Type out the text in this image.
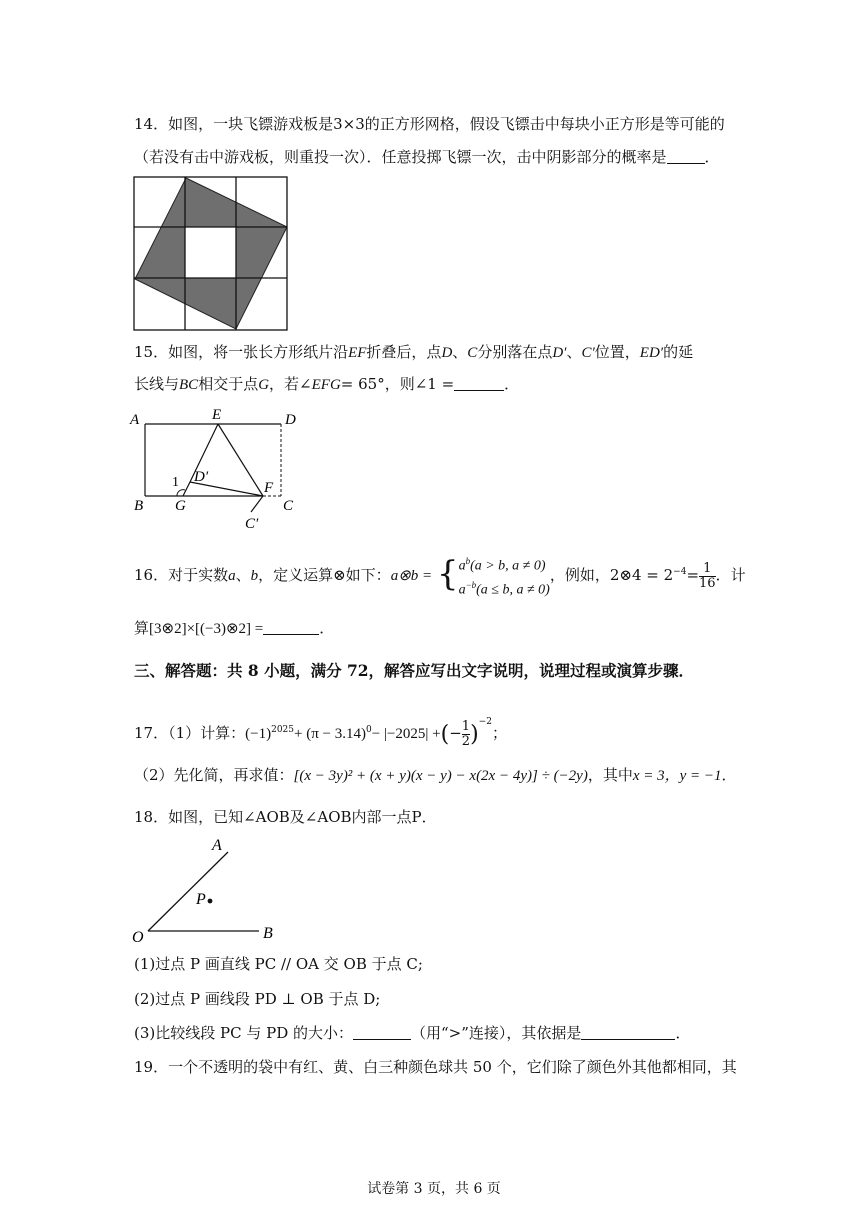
14．如图，一块飞镖游戏板是3×3的正方形网格，假设飞镖击中每块小正方形是等可能的
（若没有击中游戏板，则重投一次）．任意投掷飞镖一次，击中阴影部分的概率是	．
15．如图，将一张长方形纸片沿EF折叠后，点D、C分别落在点D′、C′位置，ED′的延
长线与BC相交于点G，若∠EFG= 65°，则∠1 =	．
A	E	D
1 D′
F
B G	C
C′
16．对于实数a、b，定义运算⊗如下：a⊗b = { $a^b(a > b$, a ≠ 0)
$a^{-b}(a \le b$, a ≠ 0)
，例如，2⊗4 = $2^{-4}= \frac{1}{16}$ ．计
算[3⊗2]×[(−3)⊗2] =	．
三、解答题：共 8 小题，满分 72，解答应写出文字说明，说理过程或演算步骤．
17．（1）计算：$(-1)^{2025}+ (\pi - 3.14)^0- |-2025|$ +(− $\frac{1}{2} )^{-2}$；
（2）先化简，再求值：[(x − 3y)² + (x + y)(x − y) − x(2x − 4y)] ÷ (−2y)，其中x = 3，y = −1．
18．如图，已知∠AOB及∠AOB内部一点P．
A
P
O	B
(1)过点 P 画直线 PC // OA 交 OB 于点 C;
(2)过点 P 画线段 PD ⊥ OB 于点 D;
(3)比较线段 PC 与 PD 的大小：	（用“>”连接），其依据是	．
19．一个不透明的袋中有红、黄、白三种颜色球共 50 个，它们除了颜色外其他都相同，其
试卷第 3 页，共 6 页
